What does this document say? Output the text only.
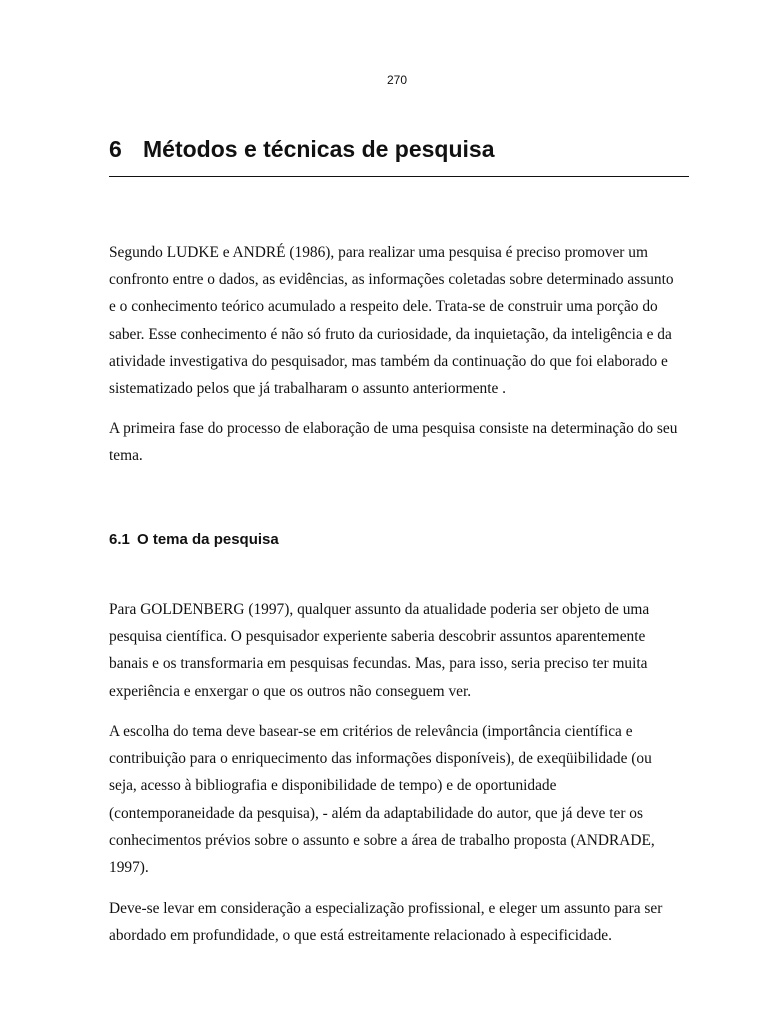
270
6 Métodos e técnicas de pesquisa

Segundo LUDKE e ANDRÉ (1986), para realizar uma pesquisa é preciso promover um
confronto entre o dados, as evidências, as informações coletadas sobre determinado assunto
e o conhecimento teórico acumulado a respeito dele. Trata-se de construir uma porção do
saber. Esse conhecimento é não só fruto da curiosidade, da inquietação, da inteligência e da
atividade investigativa do pesquisador, mas também da continuação do que foi elaborado e
sistematizado pelos que já trabalharam o assunto anteriormente .

A primeira fase do processo de elaboração de uma pesquisa consiste na determinação do seu
tema.

6.1 O tema da pesquisa

Para GOLDENBERG (1997), qualquer assunto da atualidade poderia ser objeto de uma
pesquisa científica. O pesquisador experiente saberia descobrir assuntos aparentemente
banais e os transformaria em pesquisas fecundas. Mas, para isso, seria preciso ter muita
experiência e enxergar o que os outros não conseguem ver.

A escolha do tema deve basear-se em critérios de relevância (importância científica e
contribuição para o enriquecimento das informações disponíveis), de exeqüibilidade (ou
seja, acesso à bibliografia e disponibilidade de tempo) e de oportunidade
(contemporaneidade da pesquisa), - além da adaptabilidade do autor, que já deve ter os
conhecimentos prévios sobre o assunto e sobre a área de trabalho proposta (ANDRADE,
1997).

Deve-se levar em consideração a especialização profissional, e eleger um assunto para ser
abordado em profundidade, o que está estreitamente relacionado à especificidade.
